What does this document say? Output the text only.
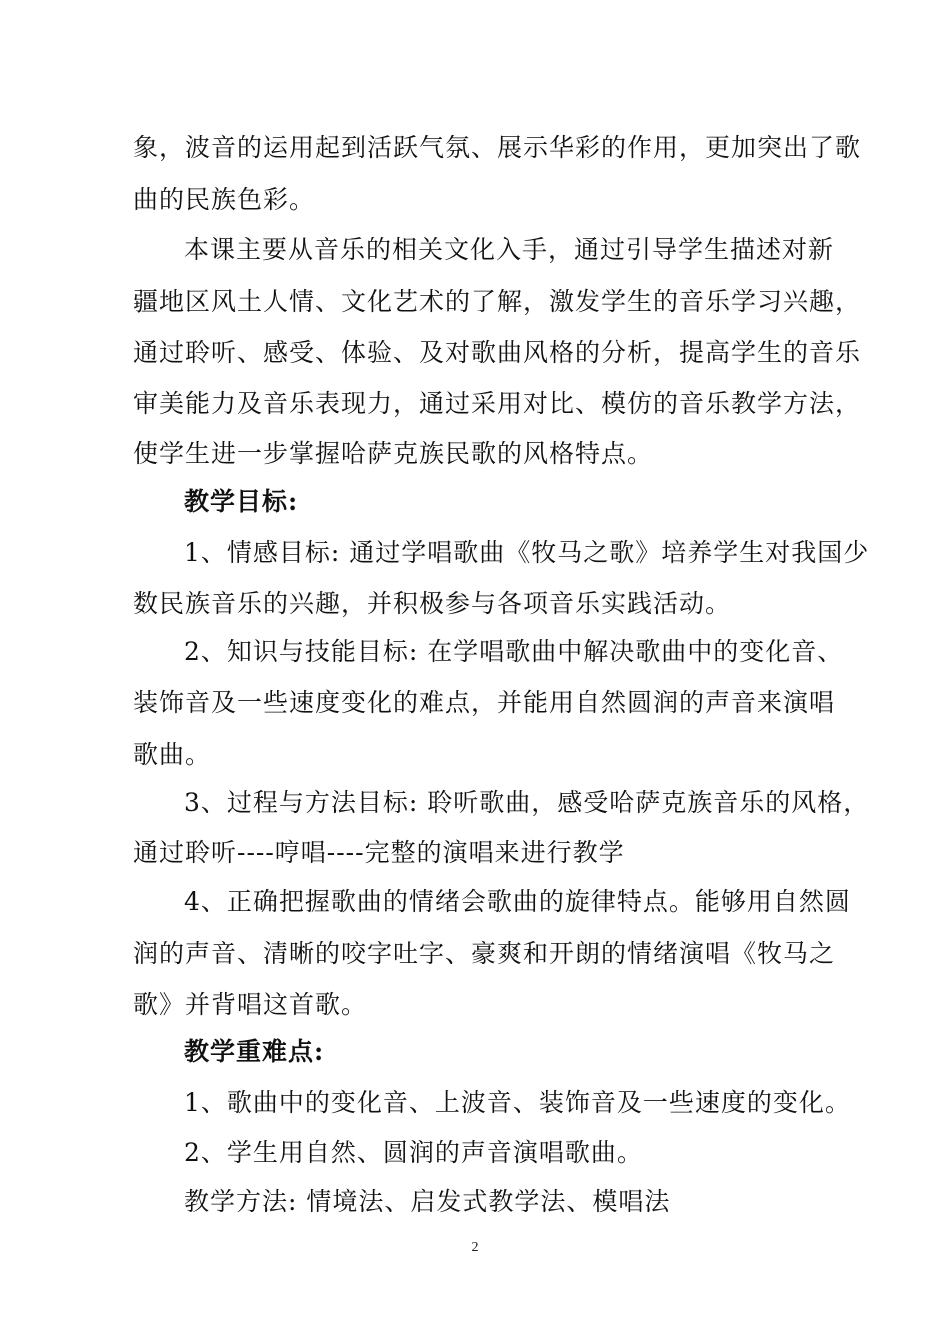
象，波音的运用起到活跃气氛、展示华彩的作用，更加突出了歌
曲的民族色彩。
本课主要从音乐的相关文化入手，通过引导学生描述对新
疆地区风土人情、文化艺术的了解，激发学生的音乐学习兴趣，
通过聆听、感受、体验、及对歌曲风格的分析，提高学生的音乐
审美能力及音乐表现力，通过采用对比、模仿的音乐教学方法，
使学生进一步掌握哈萨克族民歌的风格特点。
教学目标:
1、情感目标: 通过学唱歌曲《牧马之歌》培养学生对我国少
数民族音乐的兴趣，并积极参与各项音乐实践活动。
2、知识与技能目标: 在学唱歌曲中解决歌曲中的变化音、
装饰音及一些速度变化的难点，并能用自然圆润的声音来演唱
歌曲。
3、过程与方法目标: 聆听歌曲，感受哈萨克族音乐的风格，
通过聆听----哼唱----完整的演唱来进行教学
4、正确把握歌曲的情绪会歌曲的旋律特点。能够用自然圆
润的声音、清晰的咬字吐字、豪爽和开朗的情绪演唱《牧马之
歌》并背唱这首歌。
教学重难点:
1、歌曲中的变化音、上波音、装饰音及一些速度的变化。
2、学生用自然、圆润的声音演唱歌曲。
教学方法: 情境法、启发式教学法、模唱法
2
